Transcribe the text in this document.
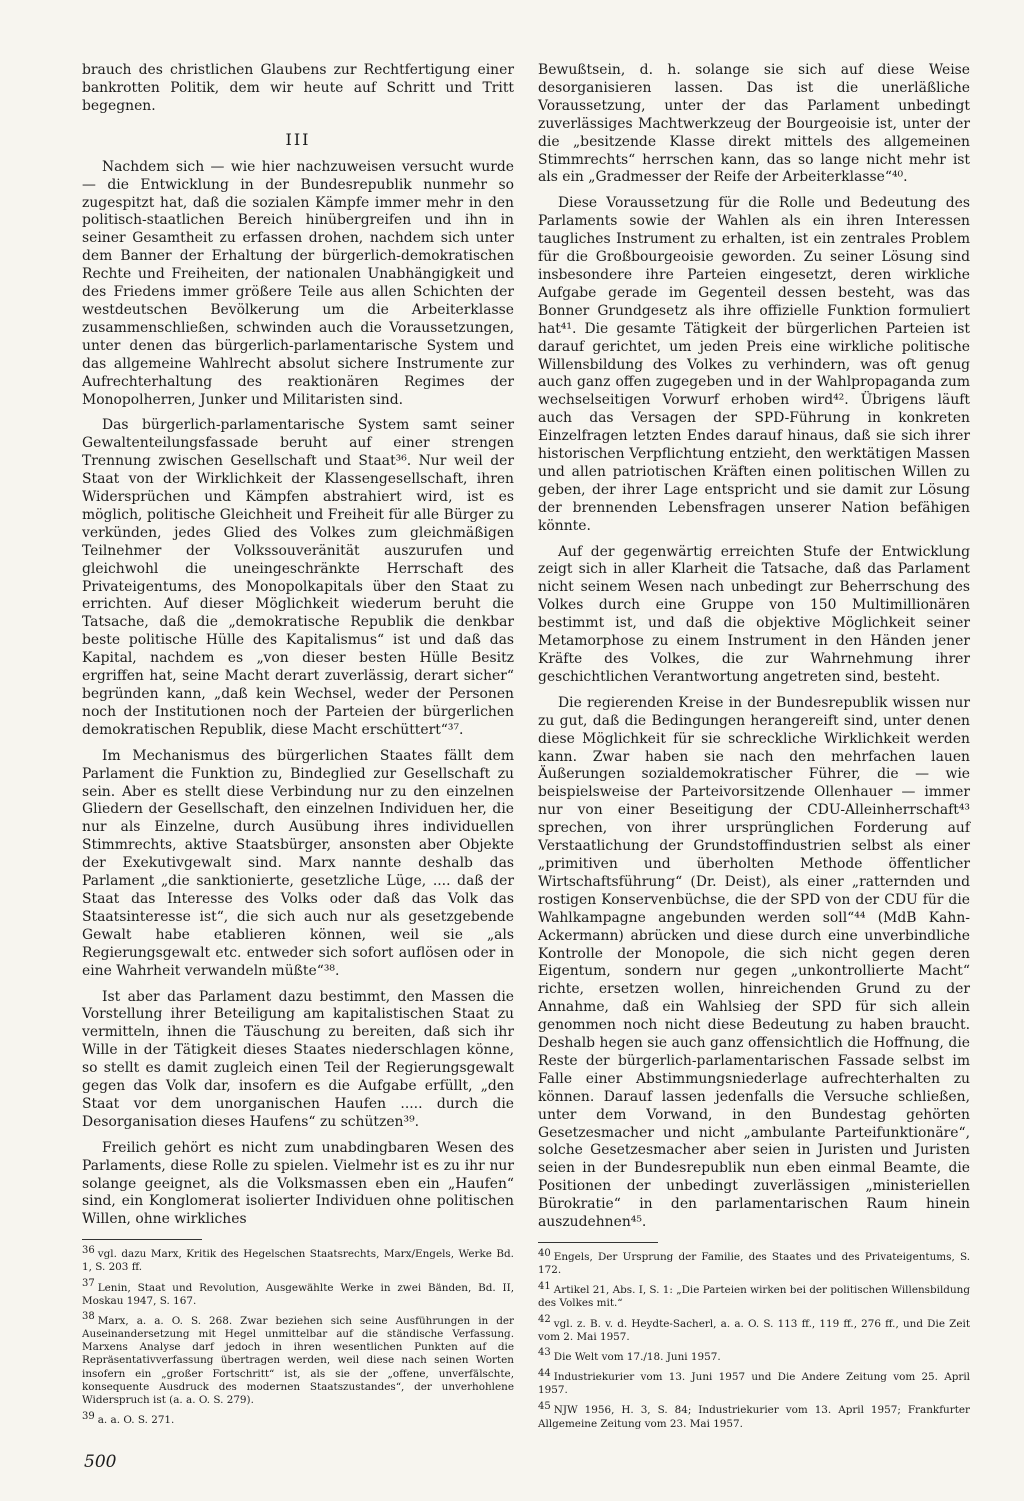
brauch des christlichen Glaubens zur Rechtfertigung einer bankrotten Politik, dem wir heute auf Schritt und Tritt begegnen.

III

Nachdem sich — wie hier nachzuweisen versucht wurde — die Entwicklung in der Bundesrepublik nunmehr so zugespitzt hat, daß die sozialen Kämpfe immer mehr in den politisch-staatlichen Bereich hinübergreifen und ihn in seiner Gesamtheit zu erfassen drohen, nachdem sich unter dem Banner der Erhaltung der bürgerlich-demokratischen Rechte und Freiheiten, der nationalen Unabhängigkeit und des Friedens immer größere Teile aus allen Schichten der westdeutschen Bevölkerung um die Arbeiterklasse zusammenschließen, schwinden auch die Voraussetzungen, unter denen das bürgerlich-parlamentarische System und das allgemeine Wahlrecht absolut sichere Instrumente zur Aufrechterhaltung des reaktionären Regimes der Monopolherren, Junker und Militaristen sind.

Das bürgerlich-parlamentarische System samt seiner Gewaltenteilungsfassade beruht auf einer strengen Trennung zwischen Gesellschaft und Staat³⁶. Nur weil der Staat von der Wirklichkeit der Klassengesellschaft, ihren Widersprüchen und Kämpfen abstrahiert wird, ist es möglich, politische Gleichheit und Freiheit für alle Bürger zu verkünden, jedes Glied des Volkes zum gleichmäßigen Teilnehmer der Volkssouveränität auszurufen und gleichwohl die uneingeschränkte Herrschaft des Privateigentums, des Monopolkapitals über den Staat zu errichten. Auf dieser Möglichkeit wiederum beruht die Tatsache, daß die „demokratische Republik die denkbar beste politische Hülle des Kapitalismus“ ist und daß das Kapital, nachdem es „von dieser besten Hülle Besitz ergriffen hat, seine Macht derart zuverlässig, derart sicher“ begründen kann, „daß kein Wechsel, weder der Personen noch der Institutionen noch der Parteien der bürgerlichen demokratischen Republik, diese Macht erschüttert“³⁷.

Im Mechanismus des bürgerlichen Staates fällt dem Parlament die Funktion zu, Bindeglied zur Gesellschaft zu sein. Aber es stellt diese Verbindung nur zu den einzelnen Gliedern der Gesellschaft, den einzelnen Individuen her, die nur als Einzelne, durch Ausübung ihres individuellen Stimmrechts, aktive Staatsbürger, ansonsten aber Objekte der Exekutivgewalt sind. Marx nannte deshalb das Parlament „die sanktionierte, gesetzliche Lüge, .... daß der Staat das Interesse des Volks oder daß das Volk das Staatsinteresse ist“, die sich auch nur als gesetzgebende Gewalt habe etablieren können, weil sie „als Regierungsgewalt etc. entweder sich sofort auflösen oder in eine Wahrheit verwandeln müßte“³⁸.

Ist aber das Parlament dazu bestimmt, den Massen die Vorstellung ihrer Beteiligung am kapitalistischen Staat zu vermitteln, ihnen die Täuschung zu bereiten, daß sich ihr Wille in der Tätigkeit dieses Staates niederschlagen könne, so stellt es damit zugleich einen Teil der Regierungsgewalt gegen das Volk dar, insofern es die Aufgabe erfüllt, „den Staat vor dem unorganischen Haufen ..... durch die Desorganisation dieses Haufens“ zu schützen³⁹.

Freilich gehört es nicht zum unabdingbaren Wesen des Parlaments, diese Rolle zu spielen. Vielmehr ist es zu ihr nur solange geeignet, als die Volksmassen eben ein „Haufen“ sind, ein Konglomerat isolierter Individuen ohne politischen Willen, ohne wirkliches

36 vgl. dazu Marx, Kritik des Hegelschen Staatsrechts, Marx/Engels, Werke Bd. 1, S. 203 ff.
37 Lenin, Staat und Revolution, Ausgewählte Werke in zwei Bänden, Bd. II, Moskau 1947, S. 167.
38 Marx, a. a. O. S. 268. Zwar beziehen sich seine Ausführungen in der Auseinandersetzung mit Hegel unmittelbar auf die ständische Verfassung. Marxens Analyse darf jedoch in ihren wesentlichen Punkten auf die Repräsentativverfassung übertragen werden, weil diese nach seinen Worten insofern ein „großer Fortschritt“ ist, als sie der „offene, unverfälschte, konsequente Ausdruck des modernen Staatszustandes“, der unverhohlene Widerspruch ist (a. a. O. S. 279).
39 a. a. O. S. 271.

Bewußtsein, d. h. solange sie sich auf diese Weise desorganisieren lassen. Das ist die unerläßliche Voraussetzung, unter der das Parlament unbedingt zuverlässiges Machtwerkzeug der Bourgeoisie ist, unter der die „besitzende Klasse direkt mittels des allgemeinen Stimmrechts“ herrschen kann, das so lange nicht mehr ist als ein „Gradmesser der Reife der Arbeiterklasse“⁴⁰.

Diese Voraussetzung für die Rolle und Bedeutung des Parlaments sowie der Wahlen als ein ihren Interessen taugliches Instrument zu erhalten, ist ein zentrales Problem für die Großbourgeoisie geworden. Zu seiner Lösung sind insbesondere ihre Parteien eingesetzt, deren wirkliche Aufgabe gerade im Gegenteil dessen besteht, was das Bonner Grundgesetz als ihre offizielle Funktion formuliert hat⁴¹. Die gesamte Tätigkeit der bürgerlichen Parteien ist darauf gerichtet, um jeden Preis eine wirkliche politische Willensbildung des Volkes zu verhindern, was oft genug auch ganz offen zugegeben und in der Wahlpropaganda zum wechselseitigen Vorwurf erhoben wird⁴². Übrigens läuft auch das Versagen der SPD-Führung in konkreten Einzelfragen letzten Endes darauf hinaus, daß sie sich ihrer historischen Verpflichtung entzieht, den werktätigen Massen und allen patriotischen Kräften einen politischen Willen zu geben, der ihrer Lage entspricht und sie damit zur Lösung der brennenden Lebensfragen unserer Nation befähigen könnte.

Auf der gegenwärtig erreichten Stufe der Entwicklung zeigt sich in aller Klarheit die Tatsache, daß das Parlament nicht seinem Wesen nach unbedingt zur Beherrschung des Volkes durch eine Gruppe von 150 Multimillionären bestimmt ist, und daß die objektive Möglichkeit seiner Metamorphose zu einem Instrument in den Händen jener Kräfte des Volkes, die zur Wahrnehmung ihrer geschichtlichen Verantwortung angetreten sind, besteht.

Die regierenden Kreise in der Bundesrepublik wissen nur zu gut, daß die Bedingungen herangereift sind, unter denen diese Möglichkeit für sie schreckliche Wirklichkeit werden kann. Zwar haben sie nach den mehrfachen lauen Äußerungen sozialdemokratischer Führer, die — wie beispielsweise der Parteivorsitzende Ollenhauer — immer nur von einer Beseitigung der CDU-Alleinherrschaft⁴³ sprechen, von ihrer ursprünglichen Forderung auf Verstaatlichung der Grundstoffindustrien selbst als einer „primitiven und überholten Methode öffentlicher Wirtschaftsführung“ (Dr. Deist), als einer „ratternden und rostigen Konservenbüchse, die der SPD von der CDU für die Wahlkampagne angebunden werden soll“⁴⁴ (MdB Kahn-Ackermann) abrücken und diese durch eine unverbindliche Kontrolle der Monopole, die sich nicht gegen deren Eigentum, sondern nur gegen „unkontrollierte Macht“ richte, ersetzen wollen, hinreichenden Grund zu der Annahme, daß ein Wahlsieg der SPD für sich allein genommen noch nicht diese Bedeutung zu haben braucht. Deshalb hegen sie auch ganz offensichtlich die Hoffnung, die Reste der bürgerlich-parlamentarischen Fassade selbst im Falle einer Abstimmungsniederlage aufrechterhalten zu können. Darauf lassen jedenfalls die Versuche schließen, unter dem Vorwand, in den Bundestag gehörten Gesetzesmacher und nicht „ambulante Parteifunktionäre“, solche Gesetzesmacher aber seien in Juristen und Juristen seien in der Bundesrepublik nun eben einmal Beamte, die Positionen der unbedingt zuverlässigen „ministeriellen Bürokratie“ in den parlamentarischen Raum hinein auszudehnen⁴⁵.

40 Engels, Der Ursprung der Familie, des Staates und des Privateigentums, S. 172.
41 Artikel 21, Abs. I, S. 1: „Die Parteien wirken bei der politischen Willensbildung des Volkes mit.“
42 vgl. z. B. v. d. Heydte-Sacherl, a. a. O. S. 113 ff., 119 ff., 276 ff., und Die Zeit vom 2. Mai 1957.
43 Die Welt vom 17./18. Juni 1957.
44 Industriekurier vom 13. Juni 1957 und Die Andere Zeitung vom 25. April 1957.
45 NJW 1956, H. 3, S. 84; Industriekurier vom 13. April 1957; Frankfurter Allgemeine Zeitung vom 23. Mai 1957.
500
